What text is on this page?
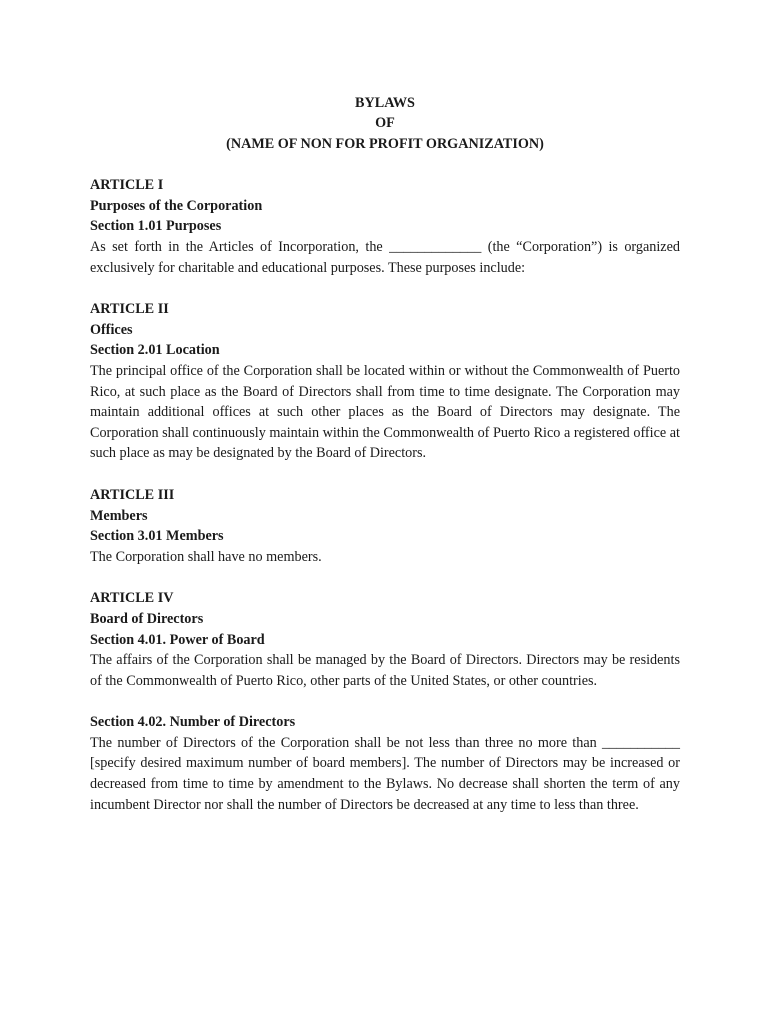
BYLAWS
OF
(NAME OF NON FOR PROFIT ORGANIZATION)
ARTICLE I
Purposes of the Corporation
Section 1.01 Purposes

As set forth in the Articles of Incorporation, the _____________ (the “Corporation”) is organized exclusively for charitable and educational purposes. These purposes include:

ARTICLE II
Offices
Section 2.01 Location

The principal office of the Corporation shall be located within or without the Commonwealth of Puerto Rico, at such place as the Board of Directors shall from time to time designate. The Corporation may maintain additional offices at such other places as the Board of Directors may designate. The Corporation shall continuously maintain within the Commonwealth of Puerto Rico a registered office at such place as may be designated by the Board of Directors.

ARTICLE III
Members
Section 3.01 Members

The Corporation shall have no members.

ARTICLE IV
Board of Directors
Section 4.01. Power of Board

The affairs of the Corporation shall be managed by the Board of Directors. Directors may be residents of the Commonwealth of Puerto Rico, other parts of the United States, or other countries.

Section 4.02. Number of Directors

The number of Directors of the Corporation shall be not less than three no more than ___________ [specify desired maximum number of board members]. The number of Directors may be increased or decreased from time to time by amendment to the Bylaws. No decrease shall shorten the term of any incumbent Director nor shall the number of Directors be decreased at any time to less than three.
